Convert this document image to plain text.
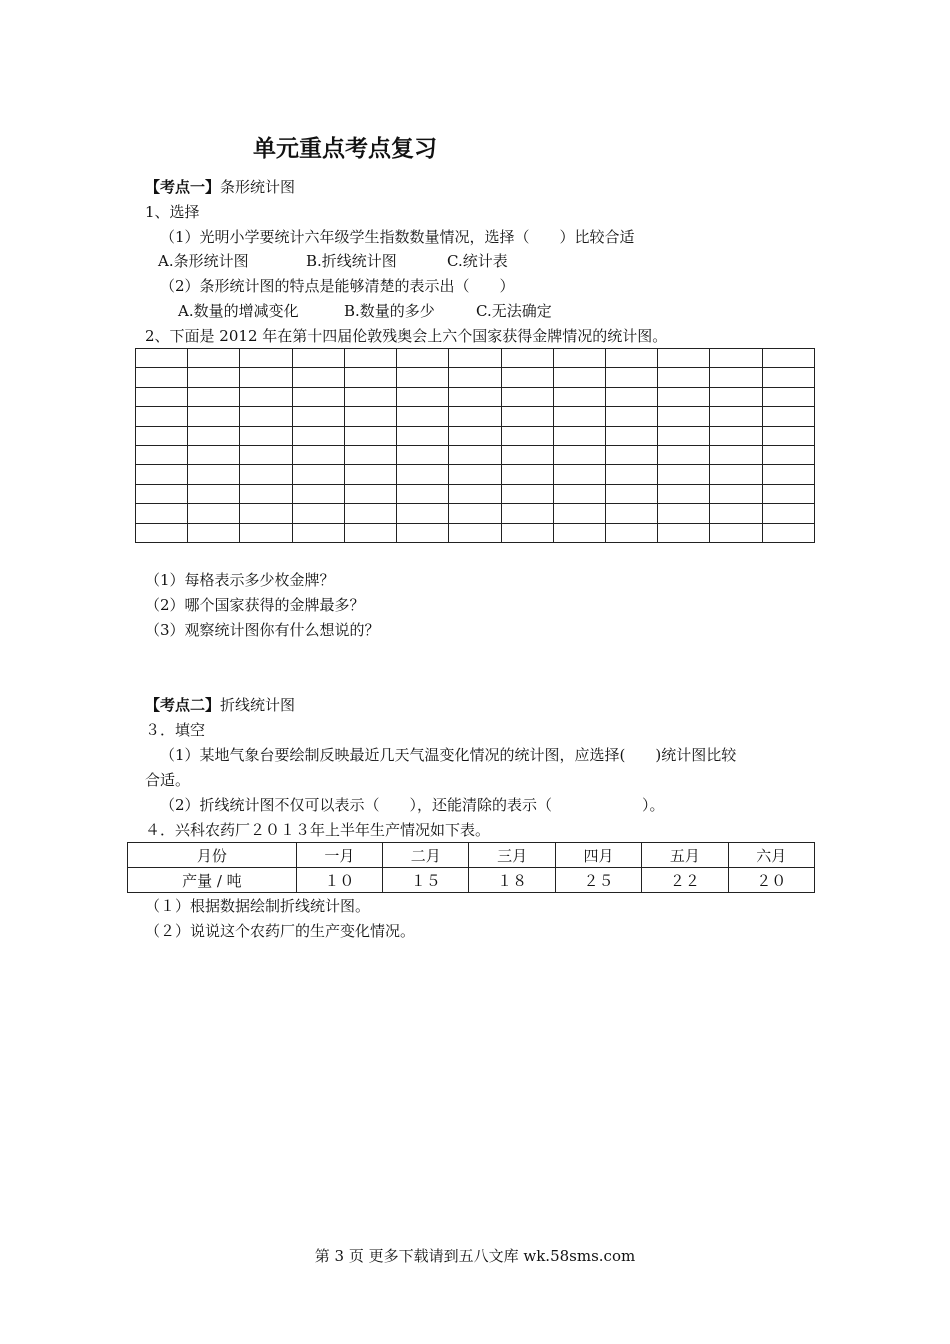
单元重点考点复习
【考点一】条形统计图
1、选择
（1）光明小学要统计六年级学生指数数量情况，选择（　　）比较合适
A.条形统计图	B.折线统计图	C.统计表
（2）条形统计图的特点是能够清楚的表示出（　　）
A.数量的增减变化	B.数量的多少	C.无法确定
2、下面是 2012 年在第十四届伦敦残奥会上六个国家获得金牌情况的统计图。

（1）每格表示多少枚金牌？
（2）哪个国家获得的金牌最多？
（3）观察统计图你有什么想说的？
【考点二】折线统计图
３．填空
（1）某地气象台要绘制反映最近几天气温变化情况的统计图，应选择(　　)统计图比较
合适。
（2）折线统计图不仅可以表示（　　），还能清除的表示（　　　　　　）。
４．兴科农药厂２０１３年上半年生产情况如下表。
月份	一月	二月	三月	四月	五月	六月
产量 / 吨	１０	１５	１８	２５	２２	２０
（１）根据数据绘制折线统计图。
（２）说说这个农药厂的生产变化情况。
第 3 页 更多下载请到五八文库 wk.58sms.com
